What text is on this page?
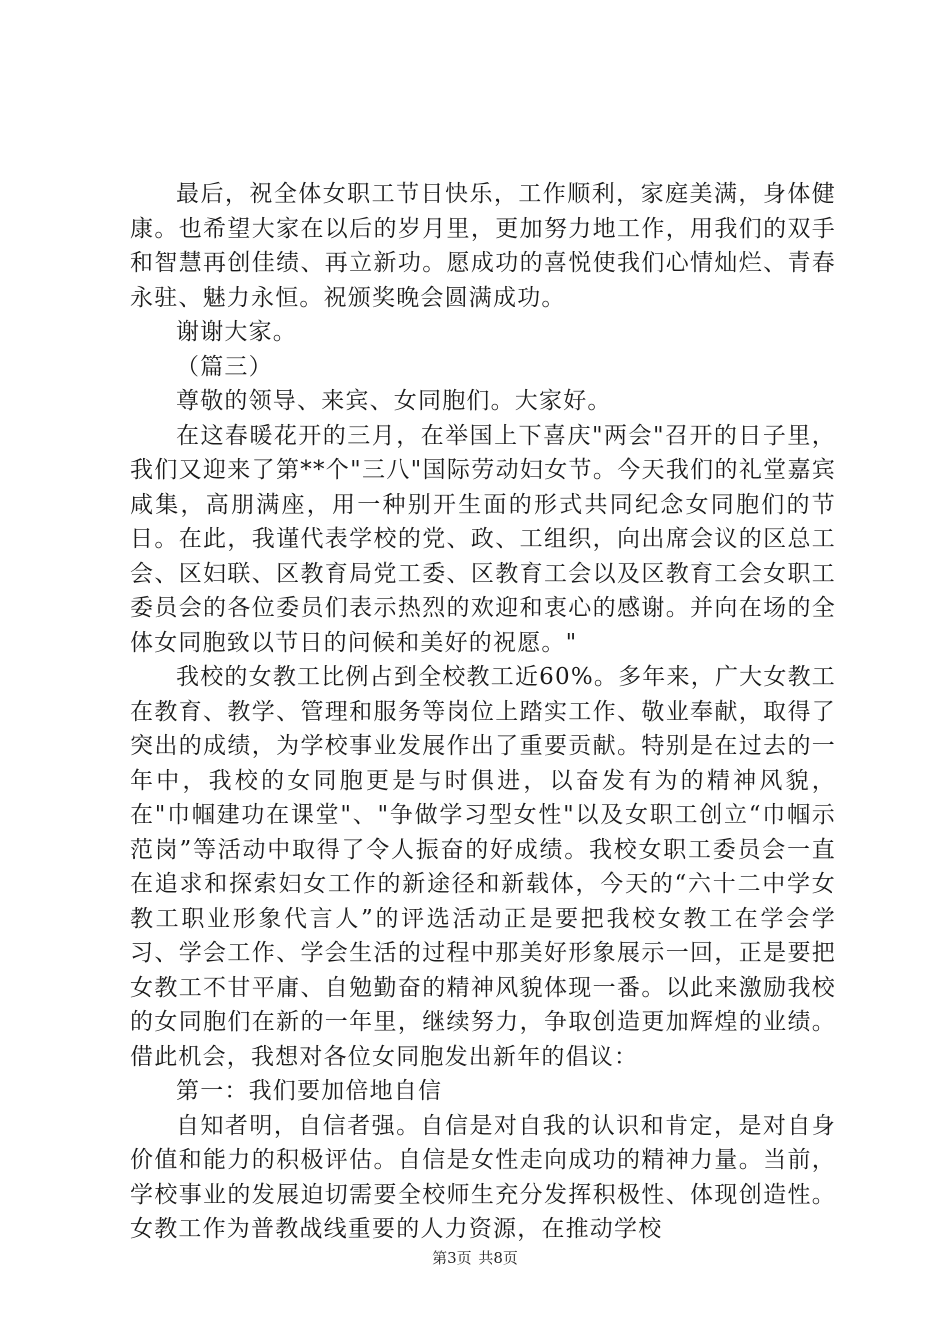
最后，祝全体女职工节日快乐，工作顺利，家庭美满，身体健康。也希望大家在以后的岁月里，更加努力地工作，用我们的双手和智慧再创佳绩、再立新功。愿成功的喜悦使我们心情灿烂、青春永驻、魅力永恒。祝颁奖晚会圆满成功。

谢谢大家。

（篇三）

尊敬的领导、来宾、女同胞们。大家好。

在这春暖花开的三月，在举国上下喜庆"两会"召开的日子里，我们又迎来了第**个"三八"国际劳动妇女节。今天我们的礼堂嘉宾咸集，高朋满座，用一种别开生面的形式共同纪念女同胞们的节日。在此，我谨代表学校的党、政、工组织，向出席会议的区总工会、区妇联、区教育局党工委、区教育工会以及区教育工会女职工委员会的各位委员们表示热烈的欢迎和衷心的感谢。并向在场的全体女同胞致以节日的问候和美好的祝愿。"

我校的女教工比例占到全校教工近60%。多年来，广大女教工在教育、教学、管理和服务等岗位上踏实工作、敬业奉献，取得了突出的成绩，为学校事业发展作出了重要贡献。特别是在过去的一年中，我校的女同胞更是与时俱进，以奋发有为的精神风貌，在"巾帼建功在课堂"、"争做学习型女性"以及女职工创立“巾帼示范岗”等活动中取得了令人振奋的好成绩。我校女职工委员会一直在追求和探索妇女工作的新途径和新载体，今天的“六十二中学女教工职业形象代言人”的评选活动正是要把我校女教工在学会学习、学会工作、学会生活的过程中那美好形象展示一回，正是要把女教工不甘平庸、自勉勤奋的精神风貌体现一番。以此来激励我校的女同胞们在新的一年里，继续努力，争取创造更加辉煌的业绩。借此机会，我想对各位女同胞发出新年的倡议：

第一：我们要加倍地自信

自知者明，自信者强。自信是对自我的认识和肯定，是对自身价值和能力的积极评估。自信是女性走向成功的精神力量。当前，学校事业的发展迫切需要全校师生充分发挥积极性、体现创造性。女教工作为普教战线重要的人力资源，在推动学校

第3页 共8页
